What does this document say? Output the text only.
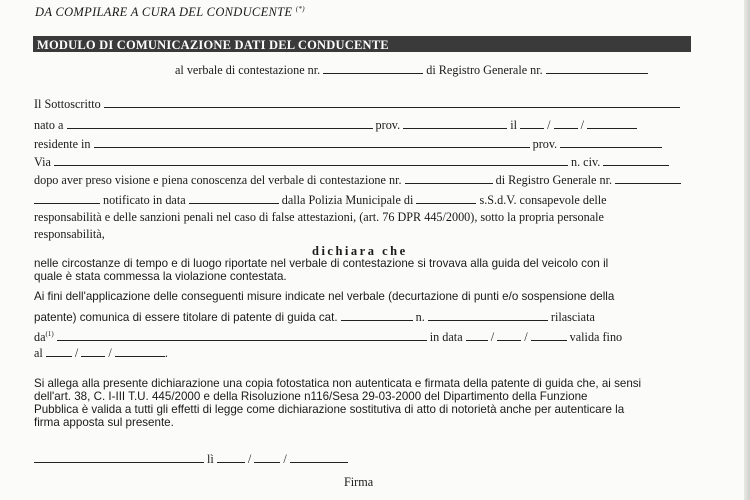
DA COMPILARE A CURA DEL CONDUCENTE (*)
MODULO DI COMUNICAZIONE DATI DEL CONDUCENTE
al verbale di contestazione nr.	di Registro Generale nr.
Il Sottoscritto
nato a	prov.	il  /  /
residente in	prov.
Via	n. civ.
dopo aver preso visione e piena conoscenza del verbale di contestazione nr.	di Registro Generale nr.
notificato in data	dalla Polizia Municipale di	s.S.d.V. consapevole delle
responsabilità e delle sanzioni penali nel caso di false attestazioni, (art. 76 DPR 445/2000), sotto la propria personale
responsabilità,
dichiara che
nelle circostanze di tempo e di luogo riportate nel verbale di contestazione si trovava alla guida del veicolo con il
quale è stata commessa la violazione contestata.
Ai fini dell'applicazione delle conseguenti misure indicate nel verbale (decurtazione di punti e/o sospensione della
patente) comunica di essere titolare di patente di guida cat.	n.	rilasciata
$da^{(1)}$	in data  /  /	valida fino
al  /  /	.
Si allega alla presente dichiarazione una copia fotostatica non autenticata e firmata della patente di guida che, ai sensi
dell'art. 38, C. I-III T.U. 445/2000 e della Risoluzione n116/Sesa 29-03-2000 del Dipartimento della Funzione
Pubblica è valida a tutti gli effetti di legge come dichiarazione sostitutiva di atto di notorietà anche per autenticare la
firma apposta sul presente.
lì	/  /
Firma
